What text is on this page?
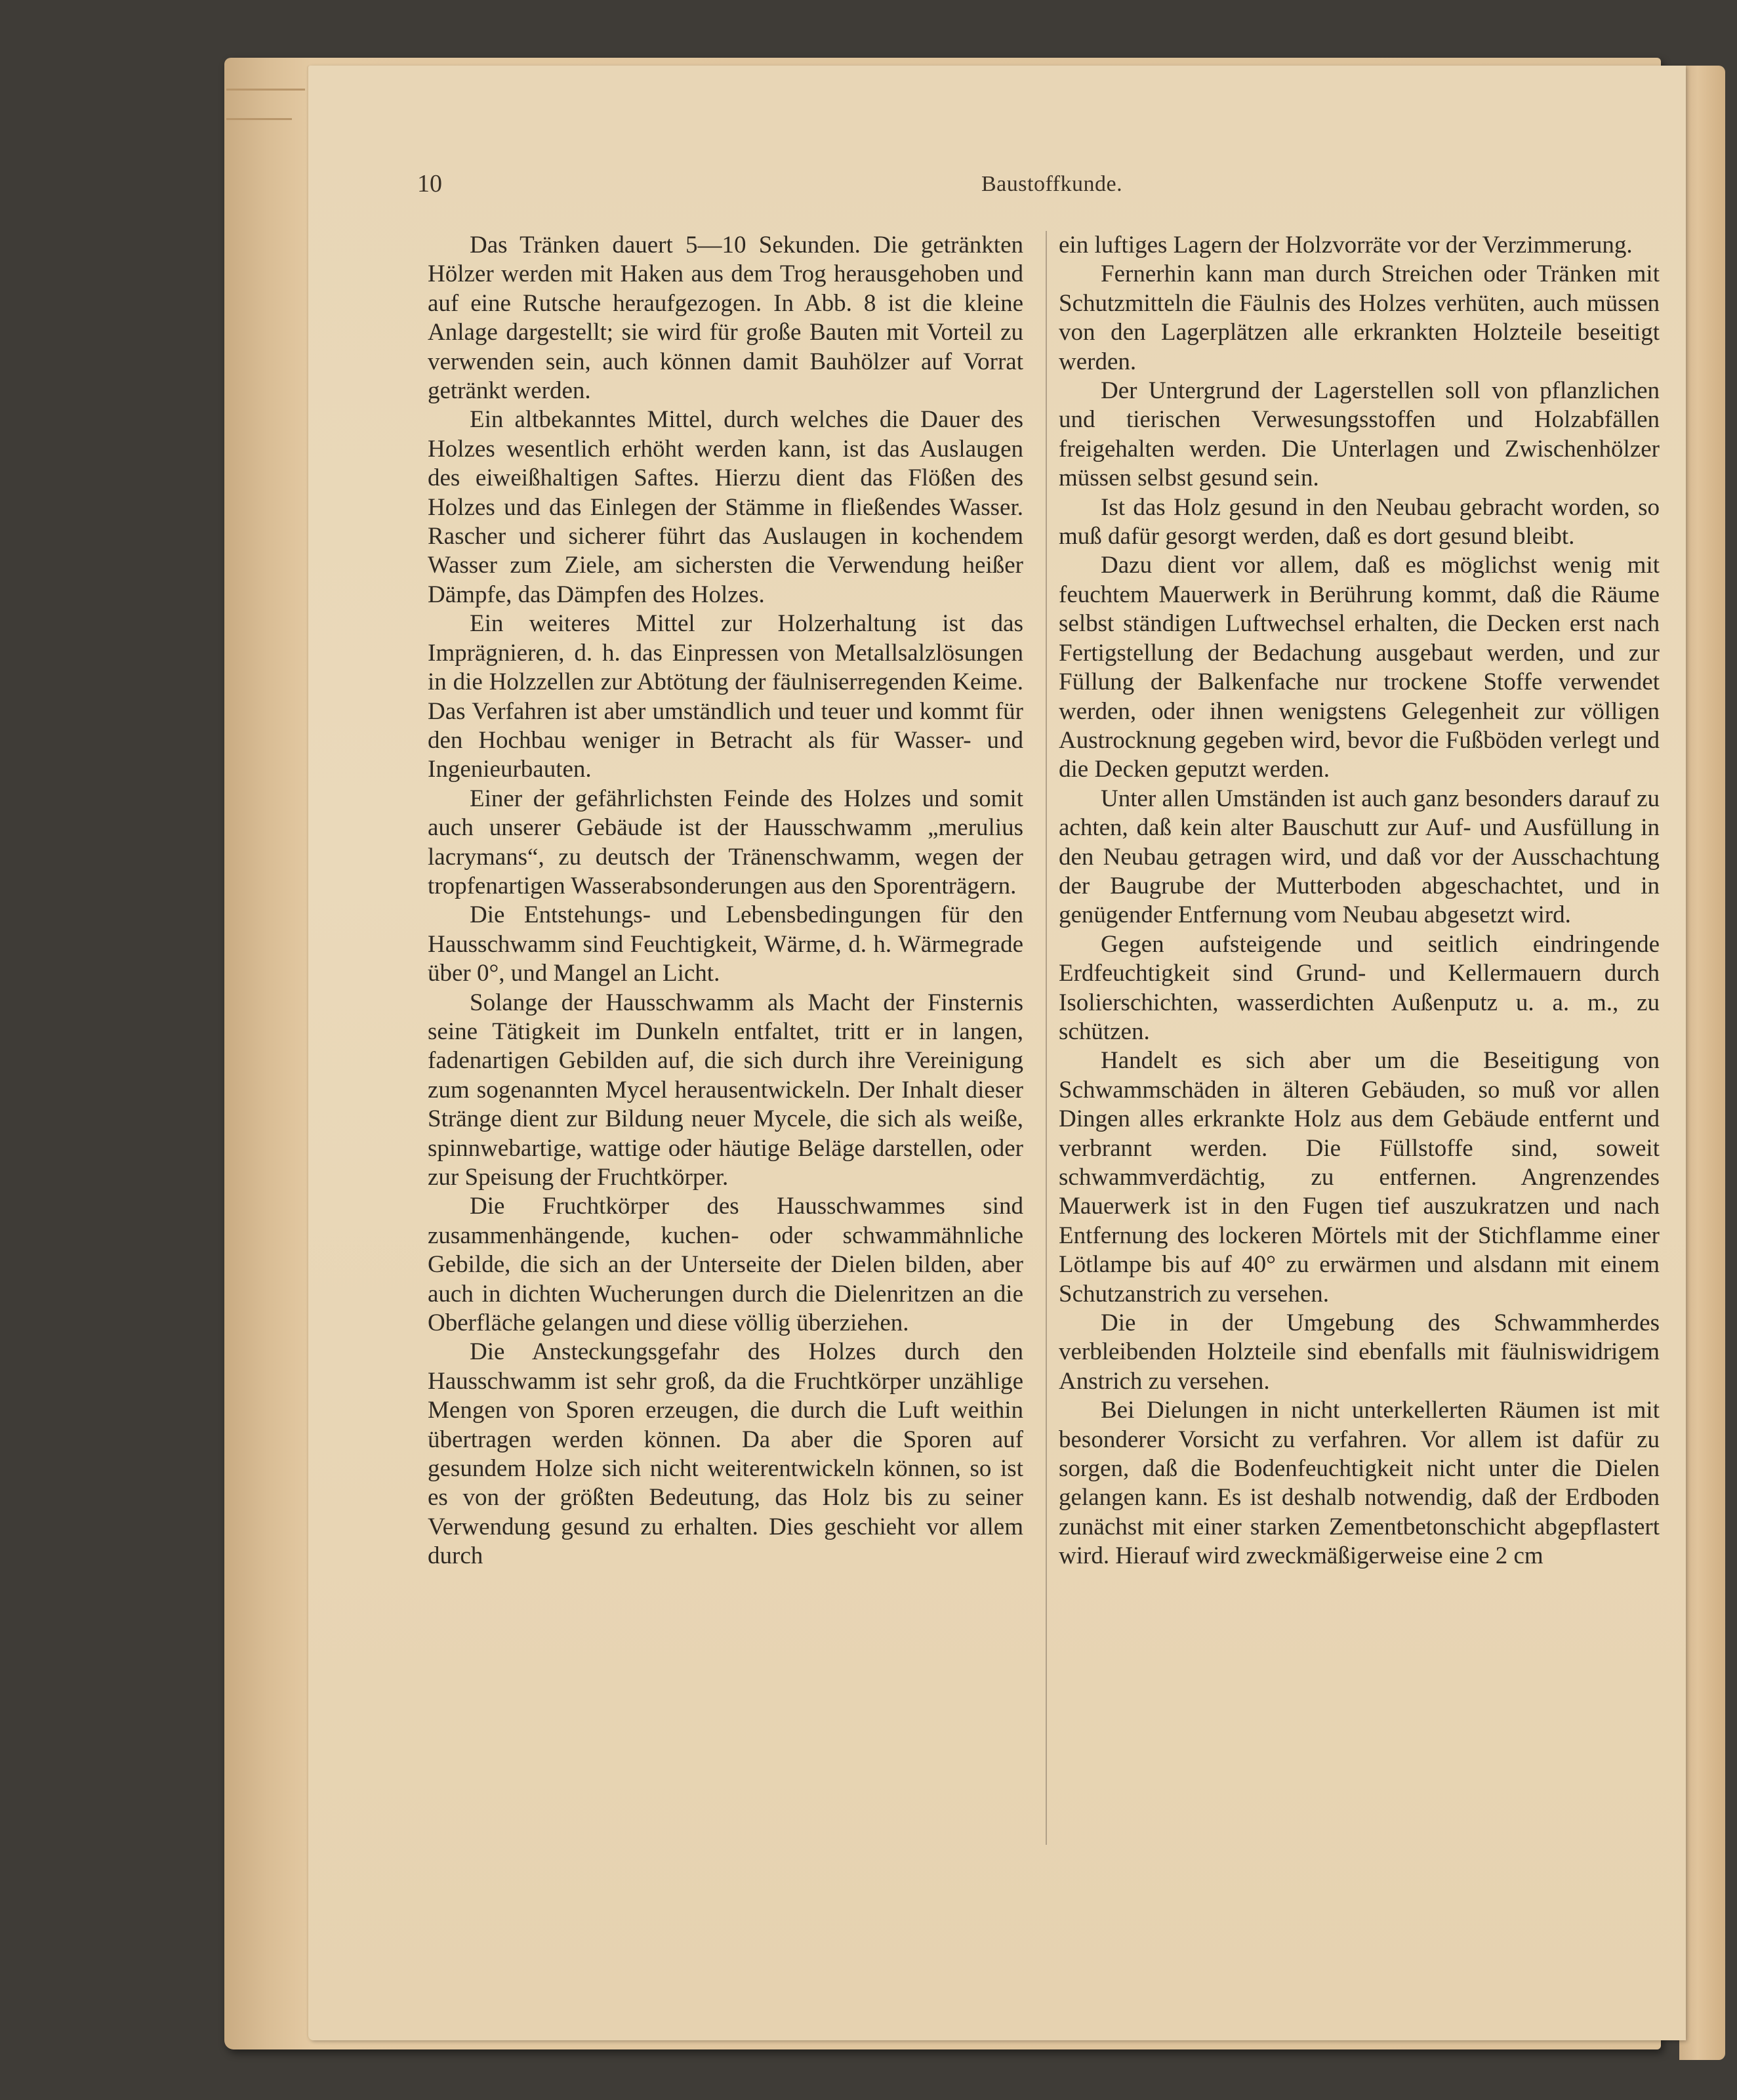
10	Baustoffkunde.

Das Tränken dauert 5—10 Sekunden. Die getränkten Hölzer werden mit Haken aus dem Trog herausgehoben und auf eine Rutsche heraufgezogen. In Abb. 8 ist die kleine Anlage dargestellt; sie wird für große Bauten mit Vorteil zu verwenden sein, auch können damit Bauhölzer auf Vorrat getränkt werden.

Ein altbekanntes Mittel, durch welches die Dauer des Holzes wesentlich erhöht werden kann, ist das Auslaugen des eiweißhaltigen Saftes. Hierzu dient das Flößen des Holzes und das Einlegen der Stämme in fließendes Wasser. Rascher und sicherer führt das Auslaugen in kochendem Wasser zum Ziele, am sichersten die Verwendung heißer Dämpfe, das Dämpfen des Holzes.

Ein weiteres Mittel zur Holzerhaltung ist das Imprägnieren, d. h. das Einpressen von Metallsalzlösungen in die Holzzellen zur Abtötung der fäulniserregenden Keime. Das Verfahren ist aber umständlich und teuer und kommt für den Hochbau weniger in Betracht als für Wasser- und Ingenieurbauten.

Einer der gefährlichsten Feinde des Holzes und somit auch unserer Gebäude ist der Hausschwamm „merulius lacrymans“, zu deutsch der Tränenschwamm, wegen der tropfenartigen Wasserabsonderungen aus den Sporenträgern.

Die Entstehungs- und Lebensbedingungen für den Hausschwamm sind Feuchtigkeit, Wärme, d. h. Wärmegrade über 0°, und Mangel an Licht.

Solange der Hausschwamm als Macht der Finsternis seine Tätigkeit im Dunkeln entfaltet, tritt er in langen, fadenartigen Gebilden auf, die sich durch ihre Vereinigung zum sogenannten Mycel herausentwickeln. Der Inhalt dieser Stränge dient zur Bildung neuer Mycele, die sich als weiße, spinnwebartige, wattige oder häutige Beläge darstellen, oder zur Speisung der Fruchtkörper.

Die Fruchtkörper des Hausschwammes sind zusammenhängende, kuchen- oder schwammähnliche Gebilde, die sich an der Unterseite der Dielen bilden, aber auch in dichten Wucherungen durch die Dielenritzen an die Oberfläche gelangen und diese völlig überziehen.

Die Ansteckungsgefahr des Holzes durch den Hausschwamm ist sehr groß, da die Fruchtkörper unzählige Mengen von Sporen erzeugen, die durch die Luft weithin übertragen werden können. Da aber die Sporen auf gesundem Holze sich nicht weiterentwickeln können, so ist es von der größten Bedeutung, das Holz bis zu seiner Verwendung gesund zu erhalten. Dies geschieht vor allem durch

ein luftiges Lagern der Holzvorräte vor der Verzimmerung.

Fernerhin kann man durch Streichen oder Tränken mit Schutzmitteln die Fäulnis des Holzes verhüten, auch müssen von den Lagerplätzen alle erkrankten Holzteile beseitigt werden.

Der Untergrund der Lagerstellen soll von pflanzlichen und tierischen Verwesungsstoffen und Holzabfällen freigehalten werden. Die Unterlagen und Zwischenhölzer müssen selbst gesund sein.

Ist das Holz gesund in den Neubau gebracht worden, so muß dafür gesorgt werden, daß es dort gesund bleibt.

Dazu dient vor allem, daß es möglichst wenig mit feuchtem Mauerwerk in Berührung kommt, daß die Räume selbst ständigen Luftwechsel erhalten, die Decken erst nach Fertigstellung der Bedachung ausgebaut werden, und zur Füllung der Balkenfache nur trockene Stoffe verwendet werden, oder ihnen wenigstens Gelegenheit zur völligen Austrocknung gegeben wird, bevor die Fußböden verlegt und die Decken geputzt werden.

Unter allen Umständen ist auch ganz besonders darauf zu achten, daß kein alter Bauschutt zur Auf- und Ausfüllung in den Neubau getragen wird, und daß vor der Ausschachtung der Baugrube der Mutterboden abgeschachtet, und in genügender Entfernung vom Neubau abgesetzt wird.

Gegen aufsteigende und seitlich eindringende Erdfeuchtigkeit sind Grund- und Kellermauern durch Isolierschichten, wasserdichten Außenputz u. a. m., zu schützen.

Handelt es sich aber um die Beseitigung von Schwammschäden in älteren Gebäuden, so muß vor allen Dingen alles erkrankte Holz aus dem Gebäude entfernt und verbrannt werden. Die Füllstoffe sind, soweit schwammverdächtig, zu entfernen. Angrenzendes Mauerwerk ist in den Fugen tief auszukratzen und nach Entfernung des lockeren Mörtels mit der Stichflamme einer Lötlampe bis auf 40° zu erwärmen und alsdann mit einem Schutzanstrich zu versehen.

Die in der Umgebung des Schwammherdes verbleibenden Holzteile sind ebenfalls mit fäulniswidrigem Anstrich zu versehen.

Bei Dielungen in nicht unterkellerten Räumen ist mit besonderer Vorsicht zu verfahren. Vor allem ist dafür zu sorgen, daß die Bodenfeuchtigkeit nicht unter die Dielen gelangen kann. Es ist deshalb notwendig, daß der Erdboden zunächst mit einer starken Zementbetonschicht abgepflastert wird. Hierauf wird zweckmäßigerweise eine 2 cm
